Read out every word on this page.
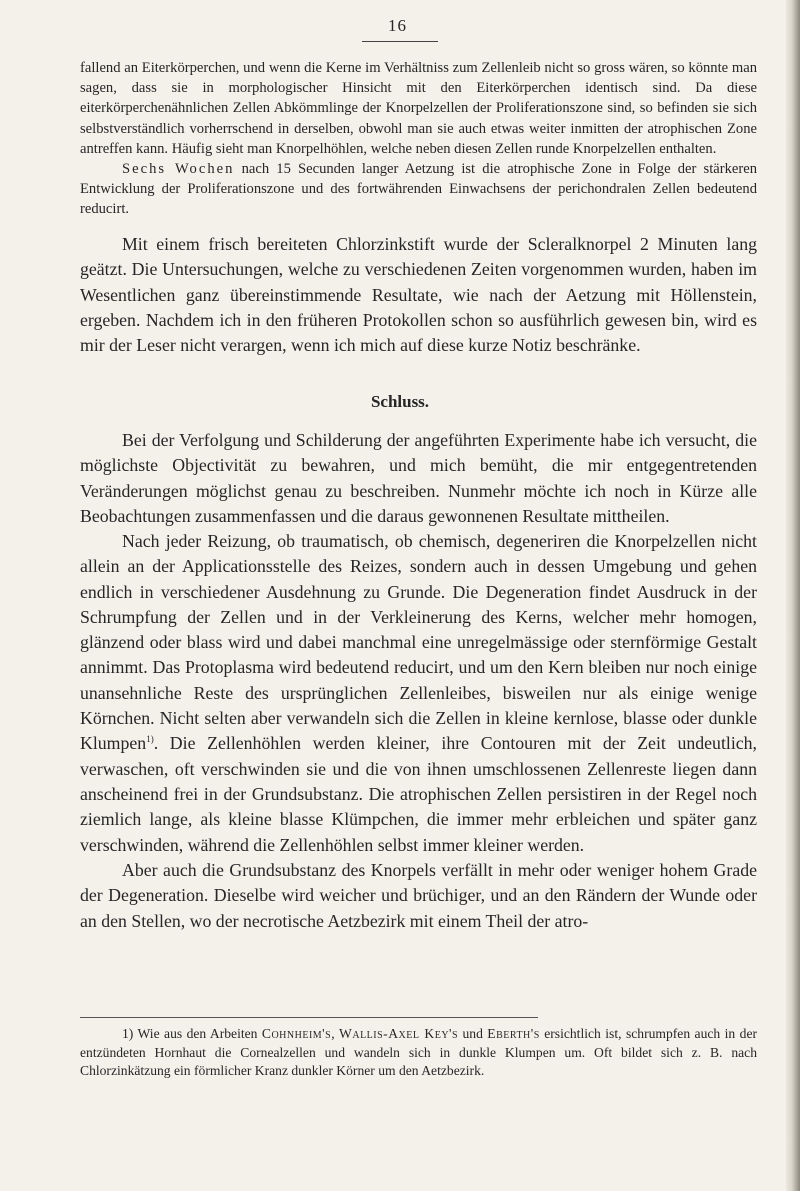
16

fallend an Eiterkörperchen, und wenn die Kerne im Verhältniss zum Zellenleib nicht so gross wären, so könnte man sagen, dass sie in morphologischer Hinsicht mit den Eiterkörperchen identisch sind. Da diese eiterkörperchenähnlichen Zellen Abkömmlinge der Knorpelzellen der Proliferationszone sind, so befinden sie sich selbstverständlich vorherrschend in derselben, obwohl man sie auch etwas weiter inmitten der atrophischen Zone antreffen kann. Häufig sieht man Knorpelhöhlen, welche neben diesen Zellen runde Knorpelzellen enthalten.

Sechs Wochen nach 15 Secunden langer Aetzung ist die atrophische Zone in Folge der stärkeren Entwicklung der Proliferationszone und des fortwährenden Einwachsens der perichondralen Zellen bedeutend reducirt.

Mit einem frisch bereiteten Chlorzinkstift wurde der Scleralknorpel 2 Minuten lang geätzt. Die Untersuchungen, welche zu verschiedenen Zeiten vorgenommen wurden, haben im Wesentlichen ganz übereinstimmende Resultate, wie nach der Aetzung mit Höllenstein, ergeben. Nachdem ich in den früheren Protokollen schon so ausführlich gewesen bin, wird es mir der Leser nicht verargen, wenn ich mich auf diese kurze Notiz beschränke.

Schluss.

Bei der Verfolgung und Schilderung der angeführten Experimente habe ich versucht, die möglichste Objectivität zu bewahren, und mich bemüht, die mir entgegentretenden Veränderungen möglichst genau zu beschreiben. Nunmehr möchte ich noch in Kürze alle Beobachtungen zusammenfassen und die daraus gewonnenen Resultate mittheilen.

Nach jeder Reizung, ob traumatisch, ob chemisch, degeneriren die Knorpelzellen nicht allein an der Applicationsstelle des Reizes, sondern auch in dessen Umgebung und gehen endlich in verschiedener Ausdehnung zu Grunde. Die Degeneration findet Ausdruck in der Schrumpfung der Zellen und in der Verkleinerung des Kerns, welcher mehr homogen, glänzend oder blass wird und dabei manchmal eine unregelmässige oder sternförmige Gestalt annimmt. Das Protoplasma wird bedeutend reducirt, und um den Kern bleiben nur noch einige unansehnliche Reste des ursprünglichen Zellenleibes, bisweilen nur als einige wenige Körnchen. Nicht selten aber verwandeln sich die Zellen in kleine kernlose, blasse oder dunkle Klumpen$^{1)}$. Die Zellenhöhlen werden kleiner, ihre Contouren mit der Zeit undeutlich, verwaschen, oft verschwinden sie und die von ihnen umschlossenen Zellenreste liegen dann anscheinend frei in der Grundsubstanz. Die atrophischen Zellen persistiren in der Regel noch ziemlich lange, als kleine blasse Klümpchen, die immer mehr erbleichen und später ganz verschwinden, während die Zellenhöhlen selbst immer kleiner werden.

Aber auch die Grundsubstanz des Knorpels verfällt in mehr oder weniger hohem Grade der Degeneration. Dieselbe wird weicher und brüchiger, und an den Rändern der Wunde oder an den Stellen, wo der necrotische Aetzbezirk mit einem Theil der atro-

1) Wie aus den Arbeiten Cohnheim's, Wallis-Axel Key's und Eberth's ersichtlich ist, schrumpfen auch in der entzündeten Hornhaut die Cornealzellen und wandeln sich in dunkle Klumpen um. Oft bildet sich z. B. nach Chlorzinkätzung ein förmlicher Kranz dunkler Körner um den Aetzbezirk.
